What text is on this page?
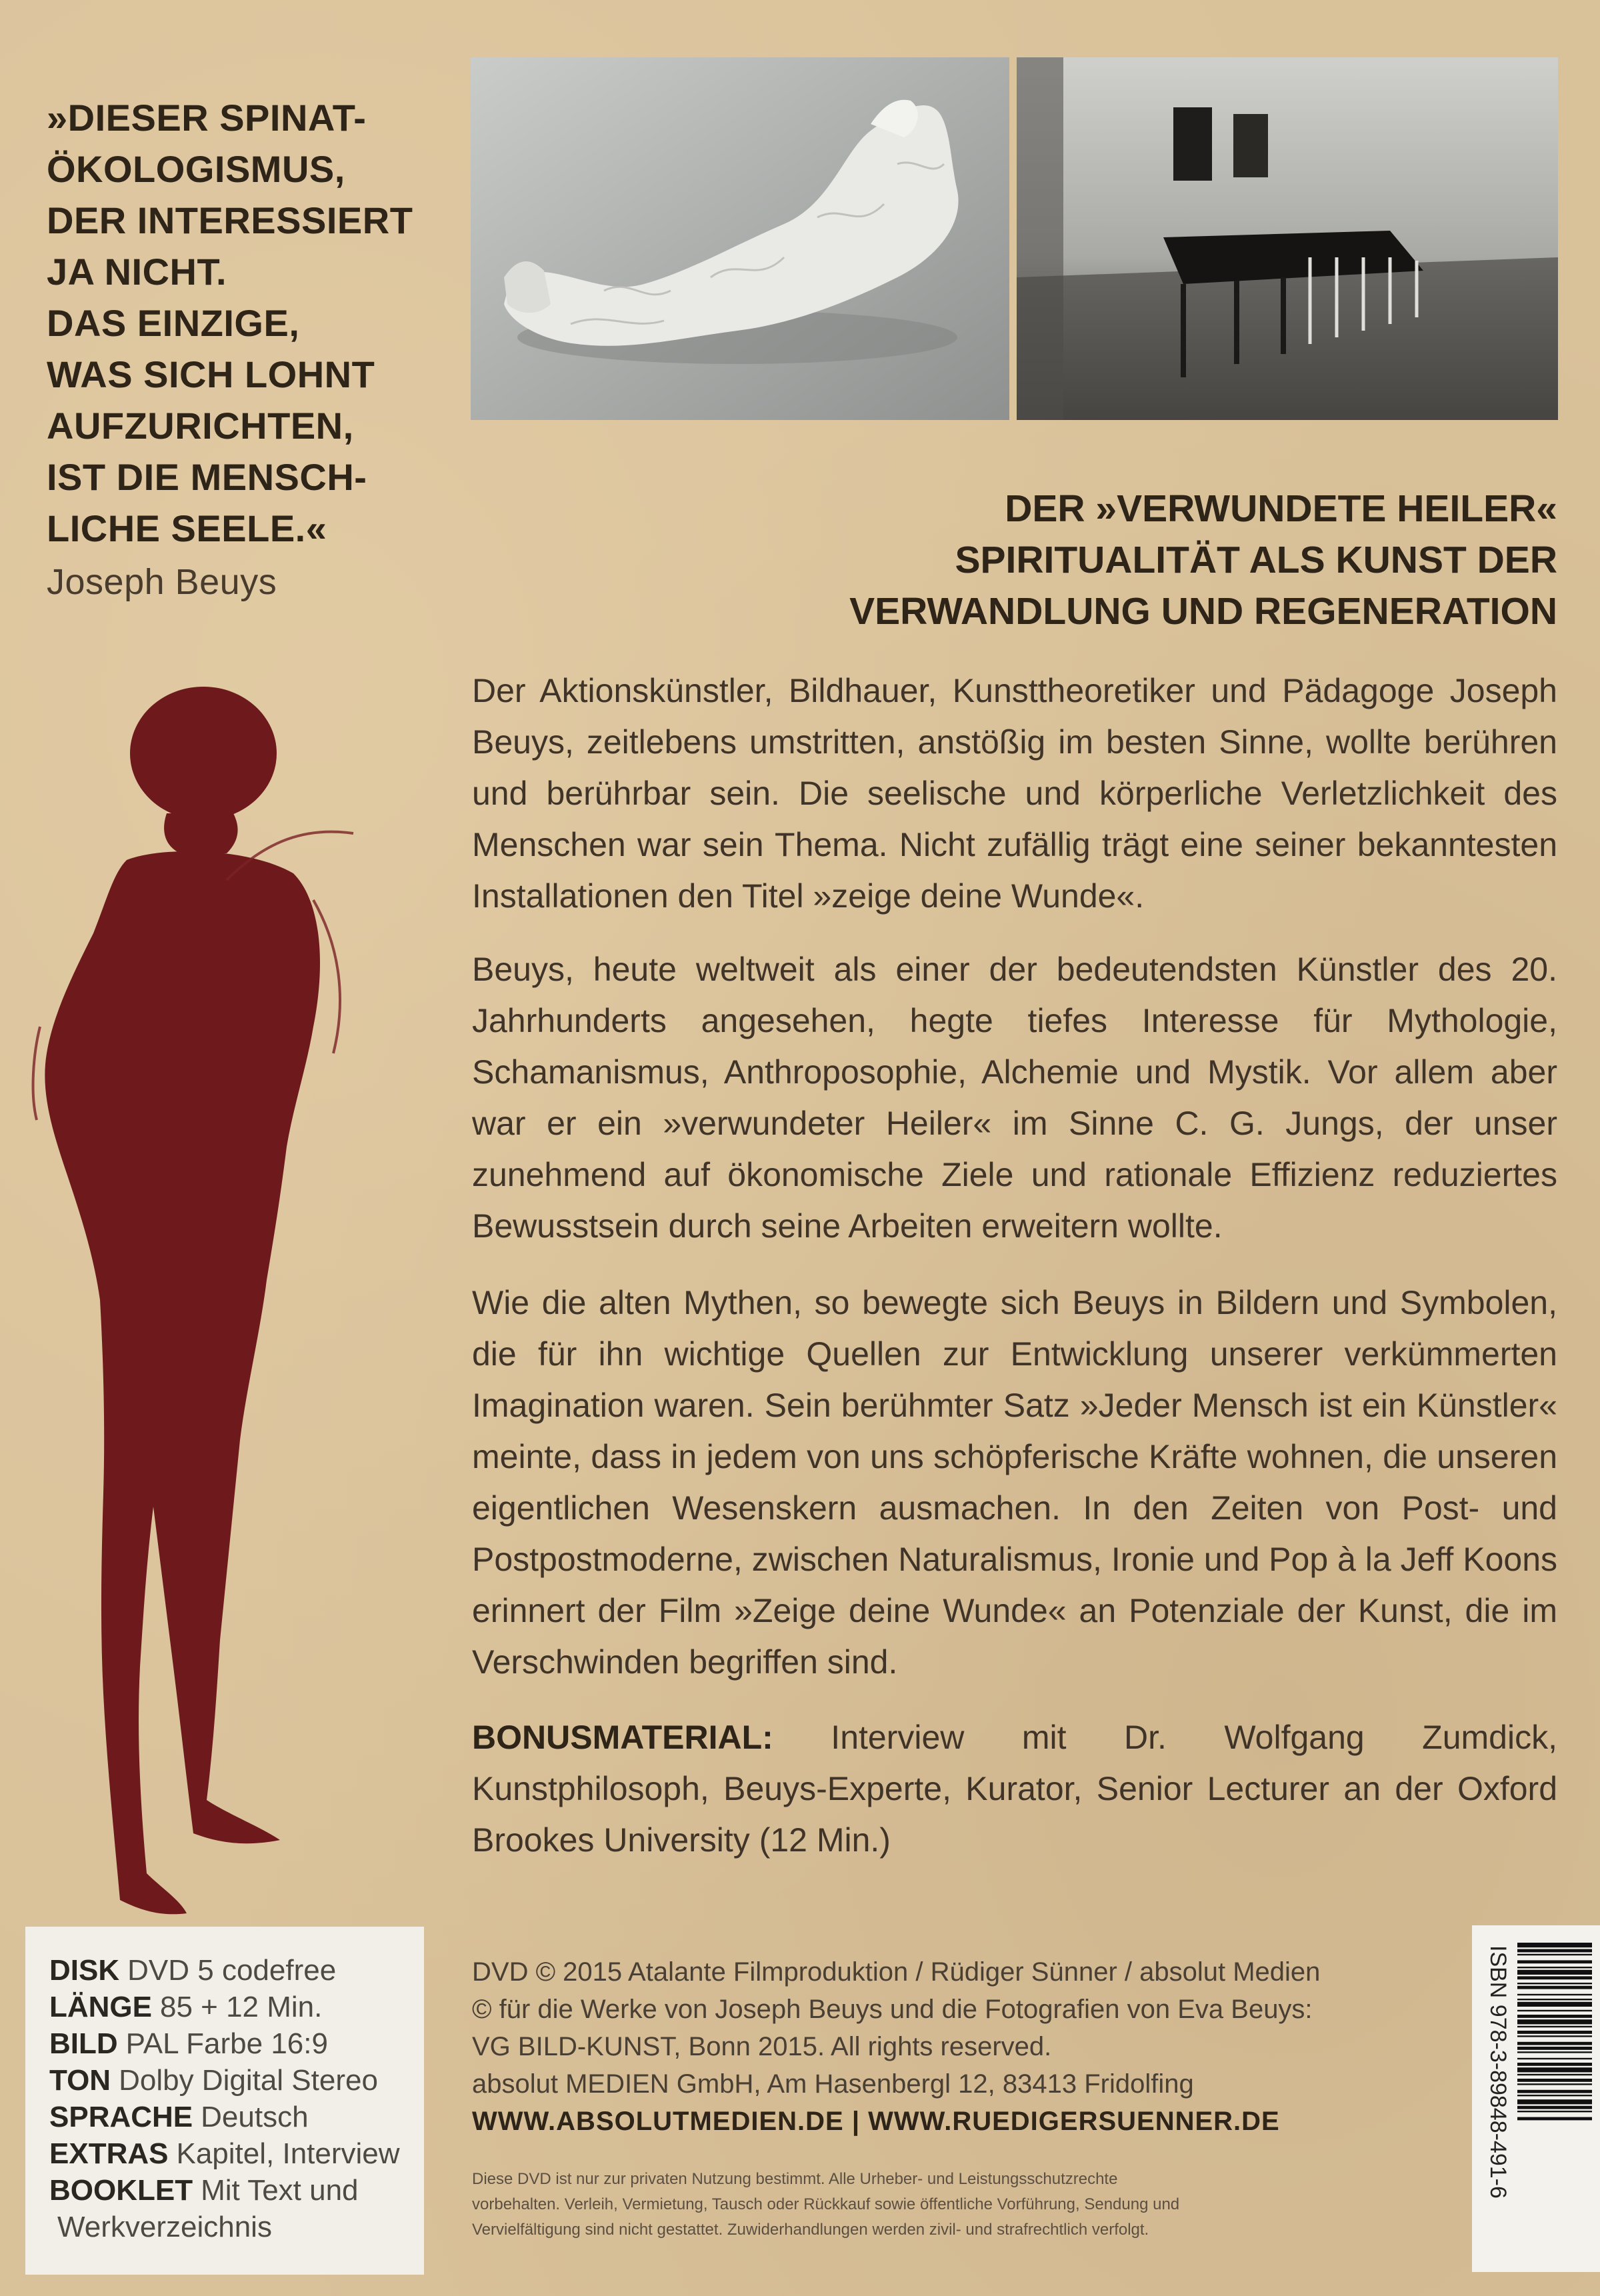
»DIESER SPINAT-
ÖKOLOGISMUS,
DER INTERESSIERT
JA NICHT.
DAS EINZIGE,
WAS SICH LOHNT
AUFZURICHTEN,
IST DIE MENSCH-
LICHE SEELE.«
Joseph Beuys
DER »VERWUNDETE HEILER«
SPIRITUALITÄT ALS KUNST DER
VERWANDLUNG UND REGENERATION

Der Aktionskünstler, Bildhauer, Kunsttheoretiker und Pädagoge Joseph Beuys, zeitlebens umstritten, anstößig im besten Sinne, wollte berühren und berührbar sein. Die seelische und körperliche Verletzlichkeit des Menschen war sein Thema. Nicht zufällig trägt eine seiner bekanntesten Installationen den Titel »zeige deine Wunde«.

Beuys, heute weltweit als einer der bedeutendsten Künstler des 20. Jahrhunderts angesehen, hegte tiefes Interesse für Mythologie, Schamanismus, Anthroposophie, Alchemie und Mystik. Vor allem aber war er ein »verwundeter Heiler« im Sinne C. G. Jungs, der unser zunehmend auf ökonomische Ziele und rationale Effizienz reduziertes Bewusstsein durch seine Arbeiten erweitern wollte.

Wie die alten Mythen, so bewegte sich Beuys in Bildern und Symbolen, die für ihn wichtige Quellen zur Entwicklung unserer verkümmerten Imagination waren. Sein berühmter Satz »Jeder Mensch ist ein Künstler« meinte, dass in jedem von uns schöpferische Kräfte wohnen, die unseren eigentlichen Wesenskern ausmachen. In den Zeiten von Post- und Postpostmoderne, zwischen Naturalismus, Ironie und Pop à la Jeff Koons erinnert der Film »Zeige deine Wunde« an Potenziale der Kunst, die im Verschwinden begriffen sind.

BONUSMATERIAL: Interview mit Dr. Wolfgang Zumdick, Kunstphilosoph, Beuys-Experte, Kurator, Senior Lecturer an der Oxford Brookes University (12 Min.)

DISK DVD 5 codefree
LÄNGE 85 + 12 Min.
BILD PAL Farbe 16:9
TON Dolby Digital Stereo
SPRACHE Deutsch
EXTRAS Kapitel, Interview
BOOKLET Mit Text und
Werkverzeichnis
DVD © 2015 Atalante Filmproduktion / Rüdiger Sünner / absolut Medien
© für die Werke von Joseph Beuys und die Fotografien von Eva Beuys:
VG BILD-KUNST, Bonn 2015. All rights reserved.
absolut MEDIEN GmbH, Am Hasenbergl 12, 83413 Fridolfing
WWW.ABSOLUTMEDIEN.DE | WWW.RUEDIGERSUENNER.DE
Diese DVD ist nur zur privaten Nutzung bestimmt. Alle Urheber- und Leistungsschutzrechte
vorbehalten. Verleih, Vermietung, Tausch oder Rückkauf sowie öffentliche Vorführung, Sendung und
Vervielfältigung sind nicht gestattet. Zuwiderhandlungen werden zivil- und strafrechtlich verfolgt.
ISBN 978-3-89848-491-6
